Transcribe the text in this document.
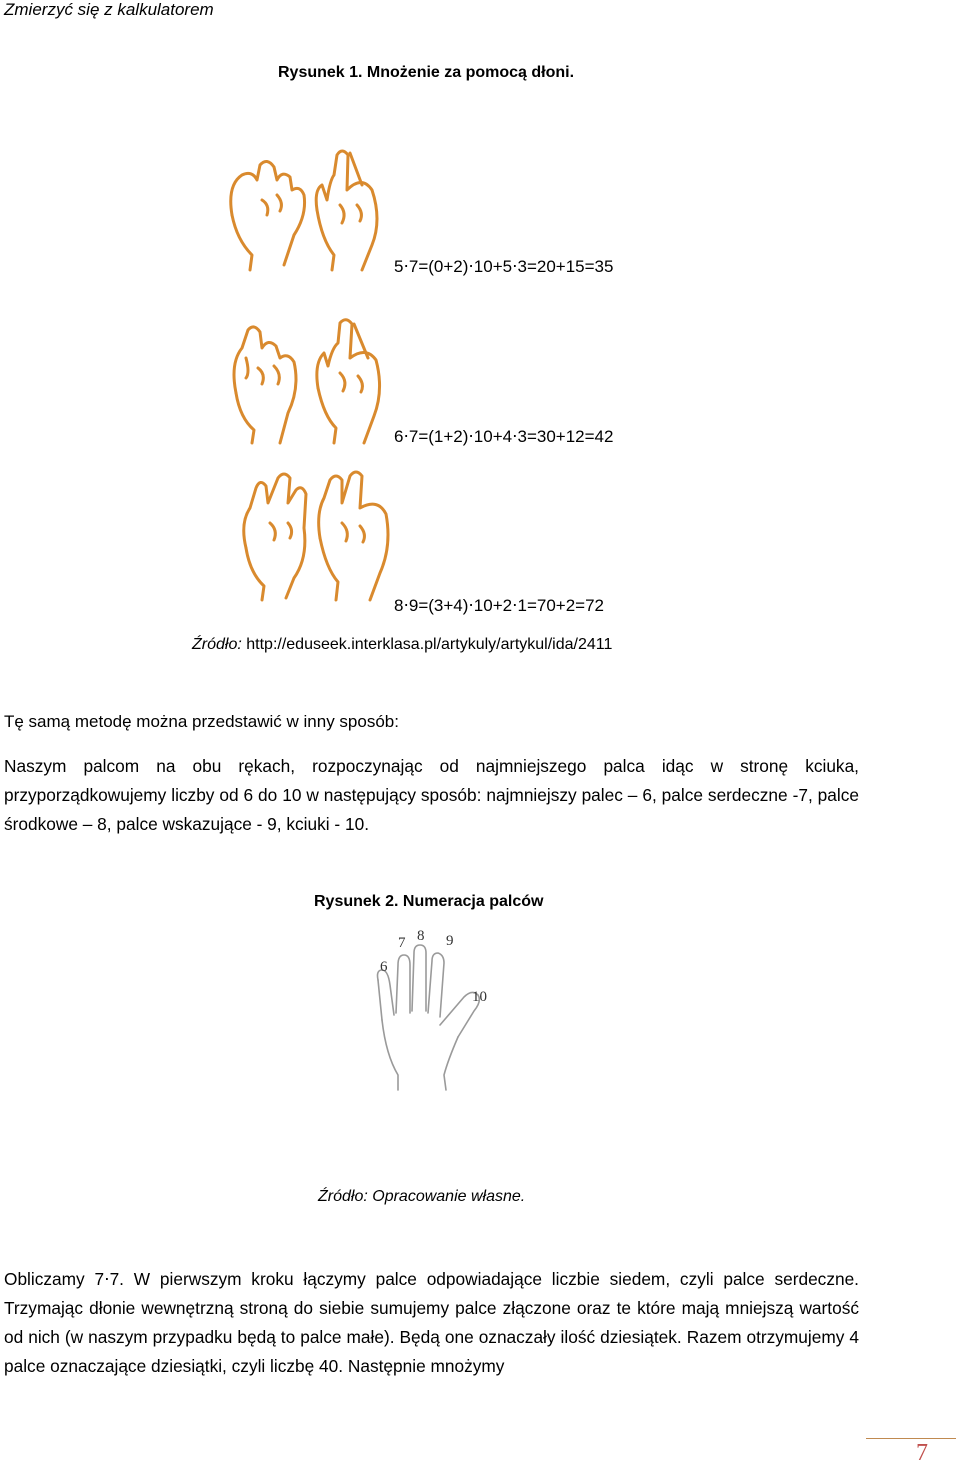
Zmierzyć się z kalkulatorem
Rysunek 1. Mnożenie za pomocą dłoni.
5⋅7=(0+2)⋅10+5⋅3=20+15=35
6⋅7=(1+2)⋅10+4⋅3=30+12=42
8⋅9=(3+4)⋅10+2⋅1=70+2=72
Źródło: http://eduseek.interklasa.pl/artykuly/artykul/ida/2411
Tę samą metodę można przedstawić w inny sposób:
Naszym palcom na obu rękach, rozpoczynając od najmniejszego palca idąc w stronę kciuka, przyporządkowujemy liczby od 6 do 10 w następujący sposób: najmniejszy palec – 6, palce serdeczne -7, palce środkowe – 8, palce wskazujące - 9, kciuki - 10.
Rysunek 2. Numeracja palców
7 8 9
6
10
Źródło: Opracowanie własne.
Obliczamy 7⋅7. W pierwszym kroku łączymy palce odpowiadające liczbie siedem, czyli palce serdeczne. Trzymając dłonie wewnętrzną stroną do siebie sumujemy palce złączone oraz te które mają mniejszą wartość od nich (w naszym przypadku będą to palce małe). Będą one oznaczały ilość dziesiątek. Razem otrzymujemy 4 palce oznaczające dziesiątki, czyli liczbę 40. Następnie mnożymy
7
